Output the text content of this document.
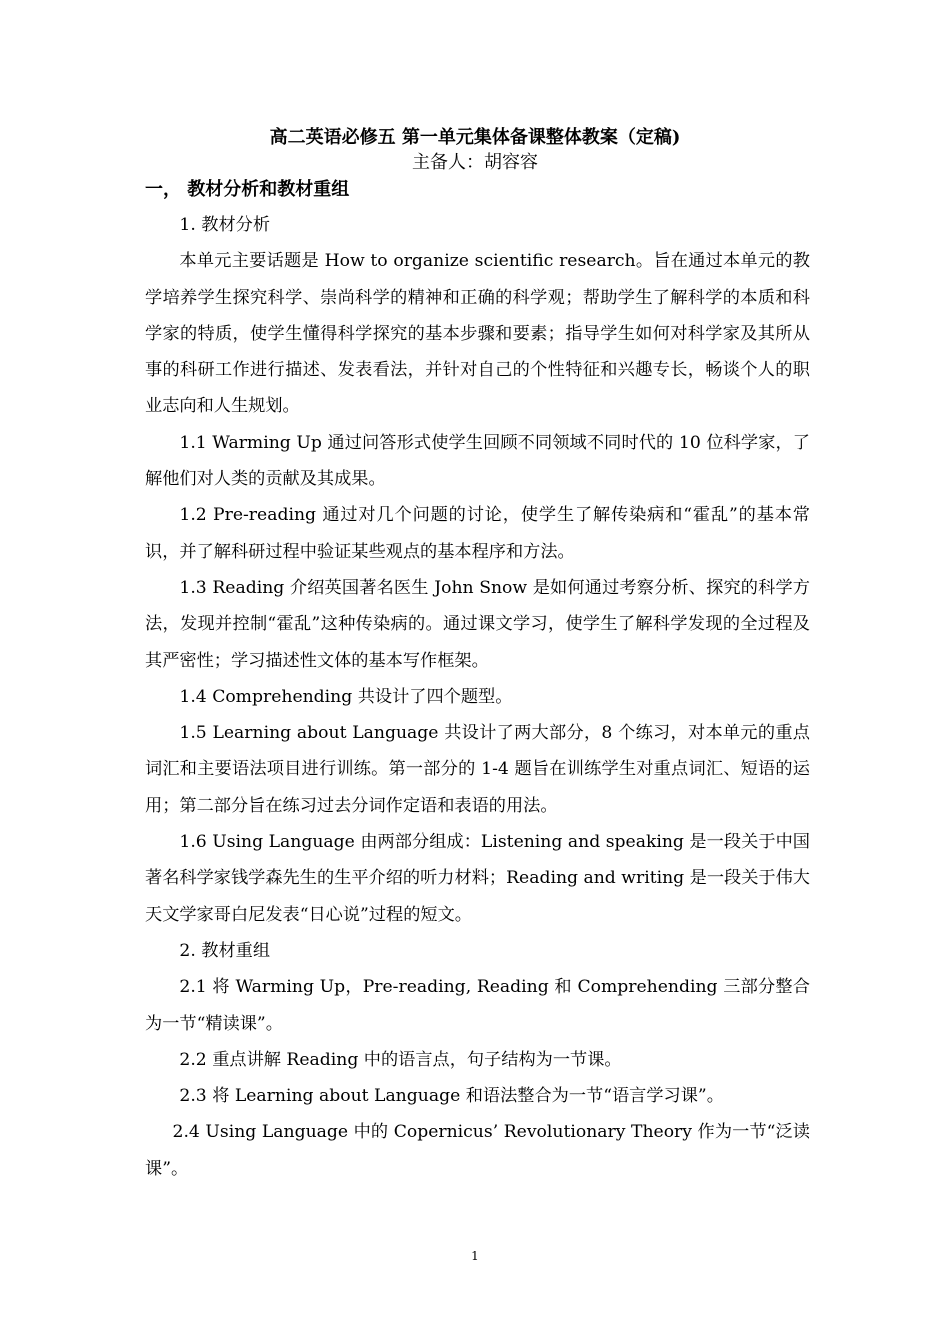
高二英语必修五 第一单元集体备课整体教案（定稿)
主备人：胡容容
一， 教材分析和教材重组

1. 教材分析

本单元主要话题是 How to organize scientific research。旨在通过本单元的教学培养学生探究科学、崇尚科学的精神和正确的科学观；帮助学生了解科学的本质和科学家的特质，使学生懂得科学探究的基本步骤和要素；指导学生如何对科学家及其所从事的科研工作进行描述、发表看法，并针对自己的个性特征和兴趣专长，畅谈个人的职业志向和人生规划。

1.1 Warming Up 通过问答形式使学生回顾不同领域不同时代的 10 位科学家，了解他们对人类的贡献及其成果。

1.2 Pre-reading 通过对几个问题的讨论，使学生了解传染病和“霍乱”的基本常识，并了解科研过程中验证某些观点的基本程序和方法。

1.3 Reading 介绍英国著名医生 John Snow 是如何通过考察分析、探究的科学方法，发现并控制“霍乱”这种传染病的。通过课文学习，使学生了解科学发现的全过程及其严密性；学习描述性文体的基本写作框架。

1.4 Comprehending 共设计了四个题型。

1.5 Learning about Language 共设计了两大部分，8 个练习，对本单元的重点词汇和主要语法项目进行训练。第一部分的 1-4 题旨在训练学生对重点词汇、短语的运用；第二部分旨在练习过去分词作定语和表语的用法。

1.6 Using Language 由两部分组成：Listening and speaking 是一段关于中国著名科学家钱学森先生的生平介绍的听力材料；Reading and writing 是一段关于伟大天文学家哥白尼发表“日心说”过程的短文。

2. 教材重组

2.1 将 Warming Up，Pre-reading, Reading 和 Comprehending 三部分整合为一节“精读课”。

2.2 重点讲解 Reading 中的语言点，句子结构为一节课。

2.3 将 Learning about Language 和语法整合为一节“语言学习课”。

2.4 Using Language 中的 Copernicus’ Revolutionary Theory 作为一节“泛读课”。

1
